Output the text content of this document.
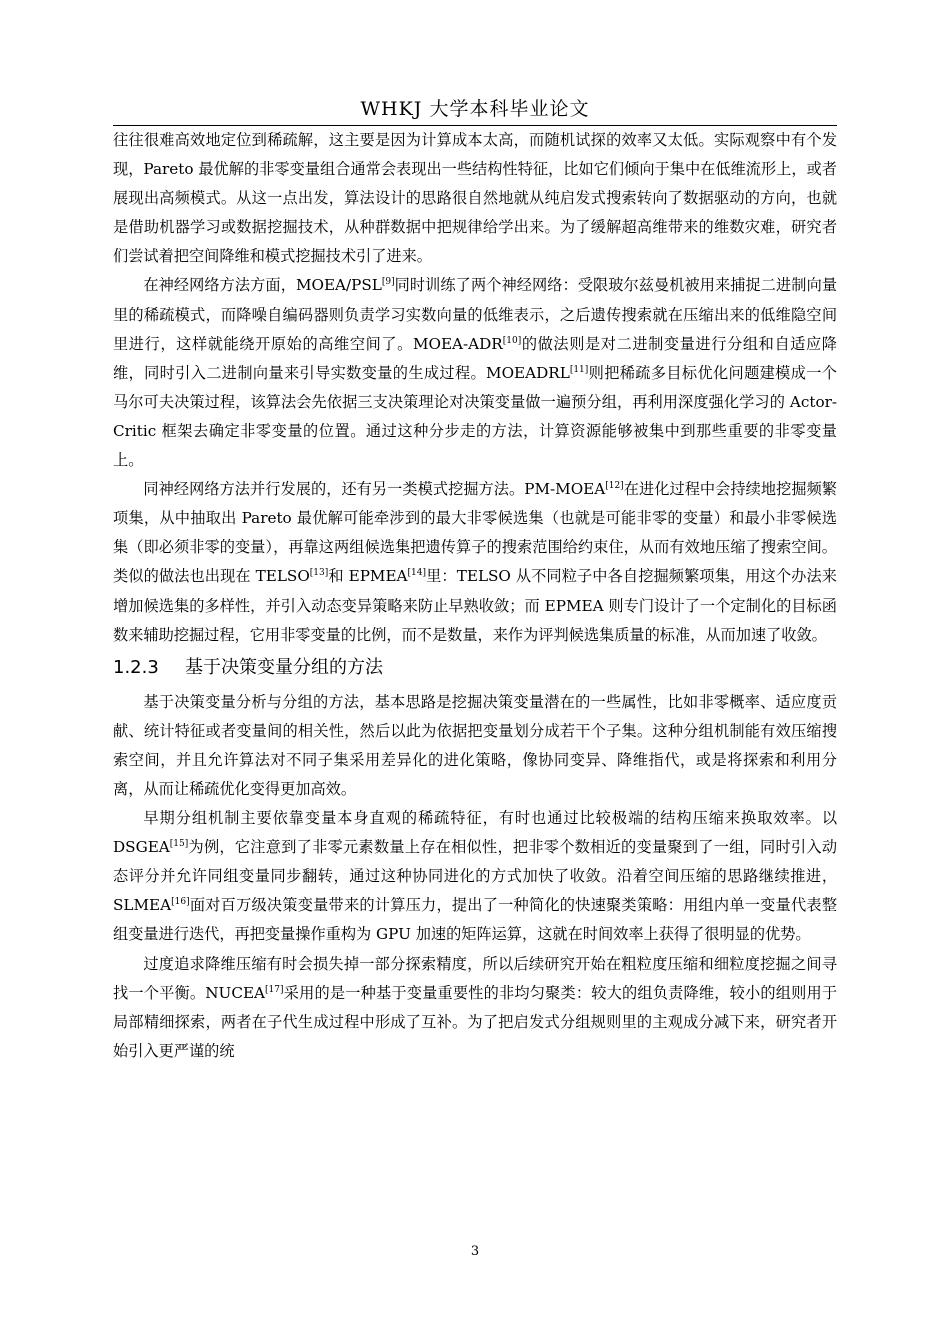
WHKJ 大学本科毕业论文

往往很难高效地定位到稀疏解，这主要是因为计算成本太高，而随机试探的效率又太低。实际观察中有个发现，Pareto 最优解的非零变量组合通常会表现出一些结构性特征，比如它们倾向于集中在低维流形上，或者展现出高频模式。从这一点出发，算法设计的思路很自然地就从纯启发式搜索转向了数据驱动的方向，也就是借助机器学习或数据挖掘技术，从种群数据中把规律给学出来。为了缓解超高维带来的维数灾难，研究者们尝试着把空间降维和模式挖掘技术引了进来。

在神经网络方法方面，MOEA/PSL[9]同时训练了两个神经网络：受限玻尔兹曼机被用来捕捉二进制向量里的稀疏模式，而降噪自编码器则负责学习实数向量的低维表示，之后遗传搜索就在压缩出来的低维隐空间里进行，这样就能绕开原始的高维空间了。MOEA-ADR[10]的做法则是对二进制变量进行分组和自适应降维，同时引入二进制向量来引导实数变量的生成过程。MOEADRL[11]则把稀疏多目标优化问题建模成一个马尔可夫决策过程，该算法会先依据三支决策理论对决策变量做一遍预分组，再利用深度强化学习的 Actor-Critic 框架去确定非零变量的位置。通过这种分步走的方法，计算资源能够被集中到那些重要的非零变量上。

同神经网络方法并行发展的，还有另一类模式挖掘方法。PM-MOEA[12]在进化过程中会持续地挖掘频繁项集，从中抽取出 Pareto 最优解可能牵涉到的最大非零候选集（也就是可能非零的变量）和最小非零候选集（即必须非零的变量），再靠这两组候选集把遗传算子的搜索范围给约束住，从而有效地压缩了搜索空间。类似的做法也出现在 TELSO[13]和 EPMEA[14]里：TELSO 从不同粒子中各自挖掘频繁项集，用这个办法来增加候选集的多样性，并引入动态变异策略来防止早熟收敛；而 EPMEA 则专门设计了一个定制化的目标函数来辅助挖掘过程，它用非零变量的比例，而不是数量，来作为评判候选集质量的标准，从而加速了收敛。

1.2.3 基于决策变量分组的方法

基于决策变量分析与分组的方法，基本思路是挖掘决策变量潜在的一些属性，比如非零概率、适应度贡献、统计特征或者变量间的相关性，然后以此为依据把变量划分成若干个子集。这种分组机制能有效压缩搜索空间，并且允许算法对不同子集采用差异化的进化策略，像协同变异、降维指代，或是将探索和利用分离，从而让稀疏优化变得更加高效。

早期分组机制主要依靠变量本身直观的稀疏特征，有时也通过比较极端的结构压缩来换取效率。以 DSGEA[15]为例，它注意到了非零元素数量上存在相似性，把非零个数相近的变量聚到了一组，同时引入动态评分并允许同组变量同步翻转，通过这种协同进化的方式加快了收敛。沿着空间压缩的思路继续推进，SLMEA[16]面对百万级决策变量带来的计算压力，提出了一种简化的快速聚类策略：用组内单一变量代表整组变量进行迭代，再把变量操作重构为 GPU 加速的矩阵运算，这就在时间效率上获得了很明显的优势。

过度追求降维压缩有时会损失掉一部分探索精度，所以后续研究开始在粗粒度压缩和细粒度挖掘之间寻找一个平衡。NUCEA[17]采用的是一种基于变量重要性的非均匀聚类：较大的组负责降维，较小的组则用于局部精细探索，两者在子代生成过程中形成了互补。为了把启发式分组规则里的主观成分减下来，研究者开始引入更严谨的统

3
